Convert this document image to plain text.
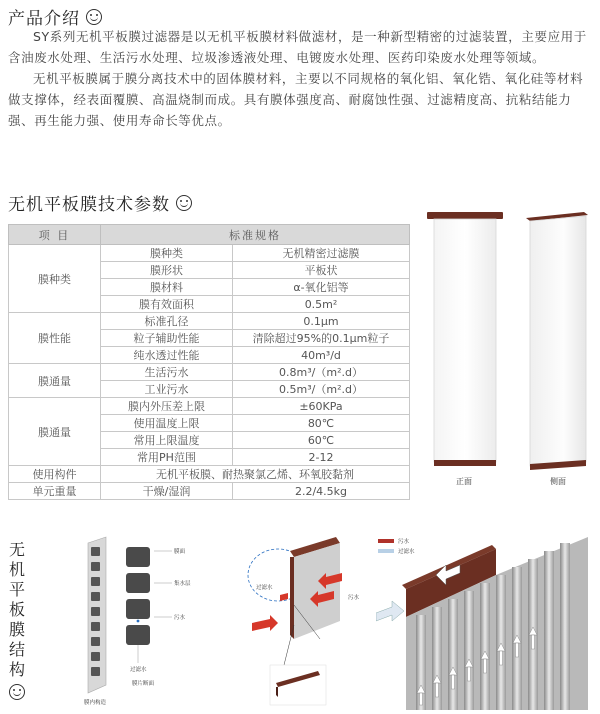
产品介绍

SY系列无机平板膜过滤器是以无机平板膜材料做滤材，是一种新型精密的过滤装置，主要应用于含油废水处理、生活污水处理、垃圾渗透液处理、电镀废水处理、医药印染废水处理等领域。

无机平板膜属于膜分离技术中的固体膜材料，主要以不同规格的氧化铝、氧化锆、氧化硅等材料做支撑体，经表面覆膜、高温烧制而成。具有膜体强度高、耐腐蚀性强、过滤精度高、抗粘结能力强、再生能力强、使用寿命长等优点。

无机平板膜技术参数
项 目	标准规格	
膜种类	膜种类	无机精密过滤膜
	膜形状	平板状
	膜材料	α-氧化铝等
	膜有效面积	0.5m²
膜性能	标准孔径	0.1μm
	粒子辅助性能	清除超过95%的0.1μm粒子
	纯水透过性能	40m³/d
膜通量	生活污水	0.8m³/（m².d）
	工业污水	0.5m³/（m².d）
膜通量	膜内外压差上限	±60KPa
	使用温度上限	80℃
	常用上限温度	60℃
	常用PH范围	2-12
使用构件	无机平板膜、耐热聚氯乙烯、环氧胶黏剂	
单元重量	干燥/湿润	2.2/4.5kg
正面	侧面
无
机
平
板
膜
结
构
膜面
集水层
污水
过滤水
膜片断面
膜内构造
过滤水
污水
污水
过滤水
